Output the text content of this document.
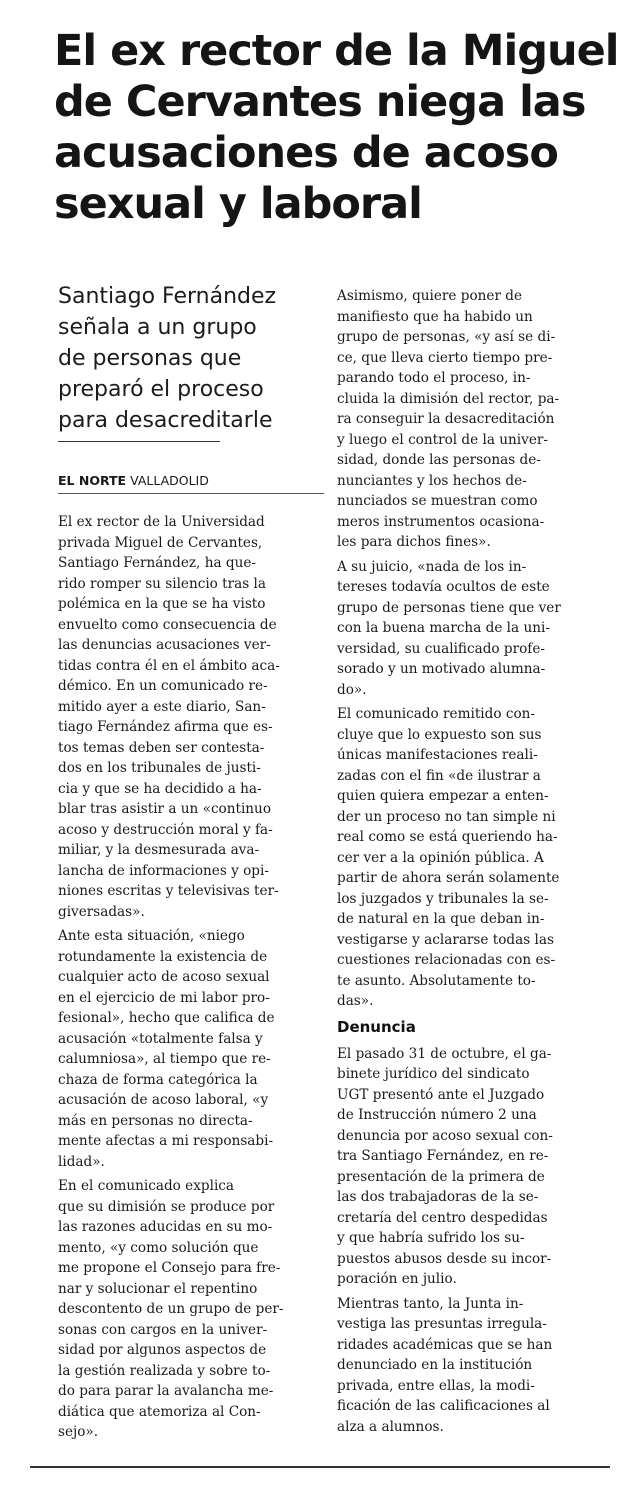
El ex rector de la Miguel
de Cervantes niega las
acusaciones de acoso
sexual y laboral
Santiago Fernández
señala a un grupo
de personas que
preparó el proceso
para desacreditarle
EL NORTE VALLADOLID
El ex rector de la Universidad
privada Miguel de Cervantes,
Santiago Fernández, ha que-
rido romper su silencio tras la
polémica en la que se ha visto
envuelto como consecuencia de
las denuncias acusaciones ver-
tidas contra él en el ámbito aca-
démico. En un comunicado re-
mitido ayer a este diario, San-
tiago Fernández afirma que es-
tos temas deben ser contesta-
dos en los tribunales de justi-
cia y que se ha decidido a ha-
blar tras asistir a un «continuo
acoso y destrucción moral y fa-
miliar, y la desmesurada ava-
lancha de informaciones y opi-
niones escritas y televisivas ter-
giversadas».
Ante esta situación, «niego
rotundamente la existencia de
cualquier acto de acoso sexual
en el ejercicio de mi labor pro-
fesional», hecho que califica de
acusación «totalmente falsa y
calumniosa», al tiempo que re-
chaza de forma categórica la
acusación de acoso laboral, «y
más en personas no directa-
mente afectas a mi responsabi-
lidad».
En el comunicado explica
que su dimisión se produce por
las razones aducidas en su mo-
mento, «y como solución que
me propone el Consejo para fre-
nar y solucionar el repentino
descontento de un grupo de per-
sonas con cargos en la univer-
sidad por algunos aspectos de
la gestión realizada y sobre to-
do para parar la avalancha me-
diática que atemoriza al Con-
sejo».
Asimismo, quiere poner de
manifiesto que ha habido un
grupo de personas, «y así se di-
ce, que lleva cierto tiempo pre-
parando todo el proceso, in-
cluida la dimisión del rector, pa-
ra conseguir la desacreditación
y luego el control de la univer-
sidad, donde las personas de-
nunciantes y los hechos de-
nunciados se muestran como
meros instrumentos ocasiona-
les para dichos fines».
A su juicio, «nada de los in-
tereses todavía ocultos de este
grupo de personas tiene que ver
con la buena marcha de la uni-
versidad, su cualificado profe-
sorado y un motivado alumna-
do».
El comunicado remitido con-
cluye que lo expuesto son sus
únicas manifestaciones reali-
zadas con el fin «de ilustrar a
quien quiera empezar a enten-
der un proceso no tan simple ni
real como se está queriendo ha-
cer ver a la opinión pública. A
partir de ahora serán solamente
los juzgados y tribunales la se-
de natural en la que deban in-
vestigarse y aclararse todas las
cuestiones relacionadas con es-
te asunto. Absolutamente to-
das».
Denuncia
El pasado 31 de octubre, el ga-
binete jurídico del sindicato
UGT presentó ante el Juzgado
de Instrucción número 2 una
denuncia por acoso sexual con-
tra Santiago Fernández, en re-
presentación de la primera de
las dos trabajadoras de la se-
cretaría del centro despedidas
y que habría sufrido los su-
puestos abusos desde su incor-
poración en julio.
Mientras tanto, la Junta in-
vestiga las presuntas irregula-
ridades académicas que se han
denunciado en la institución
privada, entre ellas, la modi-
ficación de las calificaciones al
alza a alumnos.
